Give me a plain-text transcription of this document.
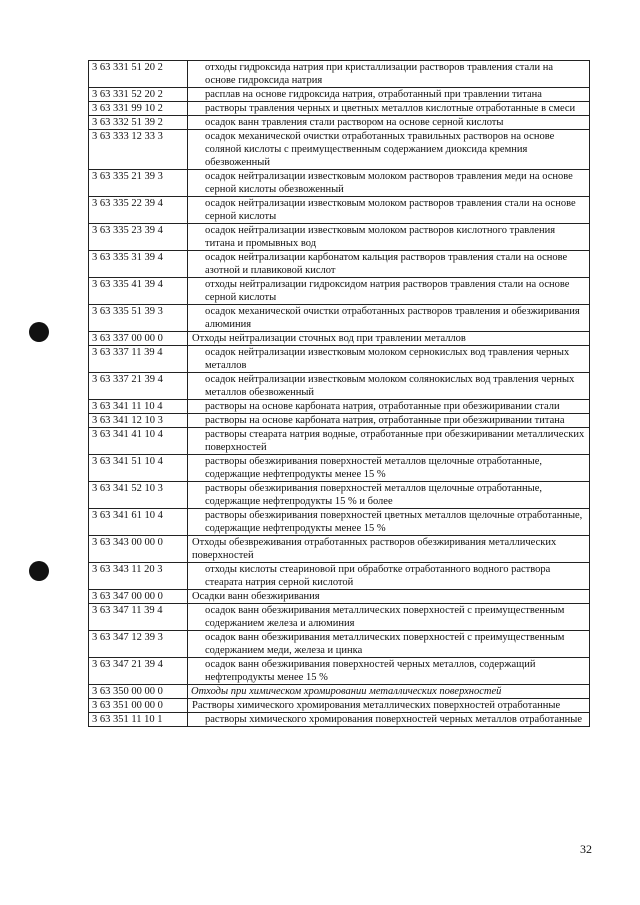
3 63 331 51 20 2	отходы гидроксида натрия при кристаллизации растворов травления стали на основе гидроксида натрия
3 63 331 52 20 2	расплав на основе гидроксида натрия, отработанный при травлении титана
3 63 331 99 10 2	растворы травления черных и цветных металлов кислотные отработанные в смеси
3 63 332 51 39 2	осадок ванн травления стали раствором на основе серной кислоты
3 63 333 12 33 3	осадок механической очистки отработанных травильных растворов на основе соляной кислоты с преимущественным содержанием диоксида кремния обезвоженный
3 63 335 21 39 3	осадок нейтрализации известковым молоком растворов травления меди на основе серной кислоты обезвоженный
3 63 335 22 39 4	осадок нейтрализации известковым молоком растворов травления стали на основе серной кислоты
3 63 335 23 39 4	осадок нейтрализации известковым молоком растворов кислотного травления титана и промывных вод
3 63 335 31 39 4	осадок нейтрализации карбонатом кальция растворов травления стали на основе азотной и плавиковой кислот
3 63 335 41 39 4	отходы нейтрализации гидроксидом натрия растворов травления стали на основе серной кислоты
3 63 335 51 39 3	осадок механической очистки отработанных растворов травления и обезжиривания алюминия
3 63 337 00 00 0	Отходы нейтрализации сточных вод при травлении металлов
3 63 337 11 39 4	осадок нейтрализации известковым молоком сернокислых вод травления черных металлов
3 63 337 21 39 4	осадок нейтрализации известковым молоком солянокислых вод травления черных металлов обезвоженный
3 63 341 11 10 4	растворы на основе карбоната натрия, отработанные при обезжиривании стали
3 63 341 12 10 3	растворы на основе карбоната натрия, отработанные при обезжиривании титана
3 63 341 41 10 4	растворы стеарата натрия водные, отработанные при обезжиривании металлических поверхностей
3 63 341 51 10 4	растворы обезжиривания поверхностей металлов щелочные отработанные, содержащие нефтепродукты менее 15 %
3 63 341 52 10 3	растворы обезжиривания поверхностей металлов щелочные отработанные, содержащие нефтепродукты 15 % и более
3 63 341 61 10 4	растворы обезжиривания поверхностей цветных металлов щелочные отработанные, содержащие нефтепродукты менее 15 %
3 63 343 00 00 0	Отходы обезвреживания отработанных растворов обезжиривания металлических поверхностей
3 63 343 11 20 3	отходы кислоты стеариновой при обработке отработанного водного раствора стеарата натрия серной кислотой
3 63 347 00 00 0	Осадки ванн обезжиривания
3 63 347 11 39 4	осадок ванн обезжиривания металлических поверхностей с преимущественным содержанием железа и алюминия
3 63 347 12 39 3	осадок ванн обезжиривания металлических поверхностей с преимущественным содержанием меди, железа и цинка
3 63 347 21 39 4	осадок ванн обезжиривания поверхностей черных металлов, содержащий нефтепродукты менее 15 %
3 63 350 00 00 0	Отходы при химическом хромировании металлических поверхностей
3 63 351 00 00 0	Растворы химического хромирования металлических поверхностей отработанные
3 63 351 11 10 1	растворы химического хромирования поверхностей черных металлов отработанные
32
